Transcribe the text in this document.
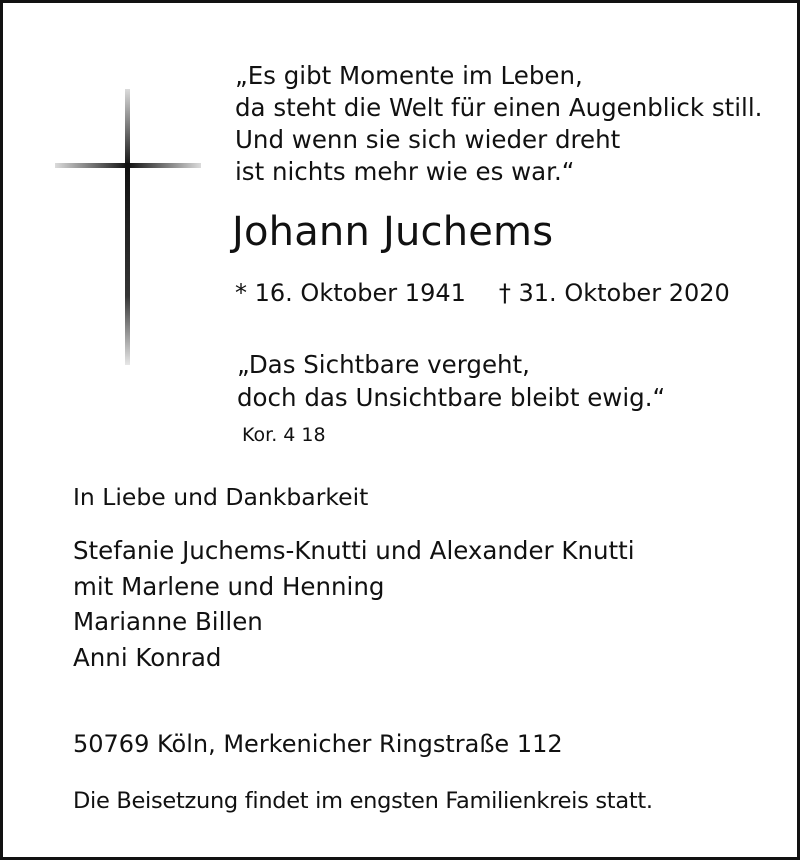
„Es gibt Momente im Leben,
da steht die Welt für einen Augenblick still.
Und wenn sie sich wieder dreht
ist nichts mehr wie es war.“
Johann Juchems
* 16. Oktober 1941 † 31. Oktober 2020
„Das Sichtbare vergeht,
doch das Unsichtbare bleibt ewig.“
Kor. 4 18
In Liebe und Dankbarkeit
Stefanie Juchems-Knutti und Alexander Knutti
mit Marlene und Henning
Marianne Billen
Anni Konrad
50769 Köln, Merkenicher Ringstraße 112
Die Beisetzung findet im engsten Familienkreis statt.
